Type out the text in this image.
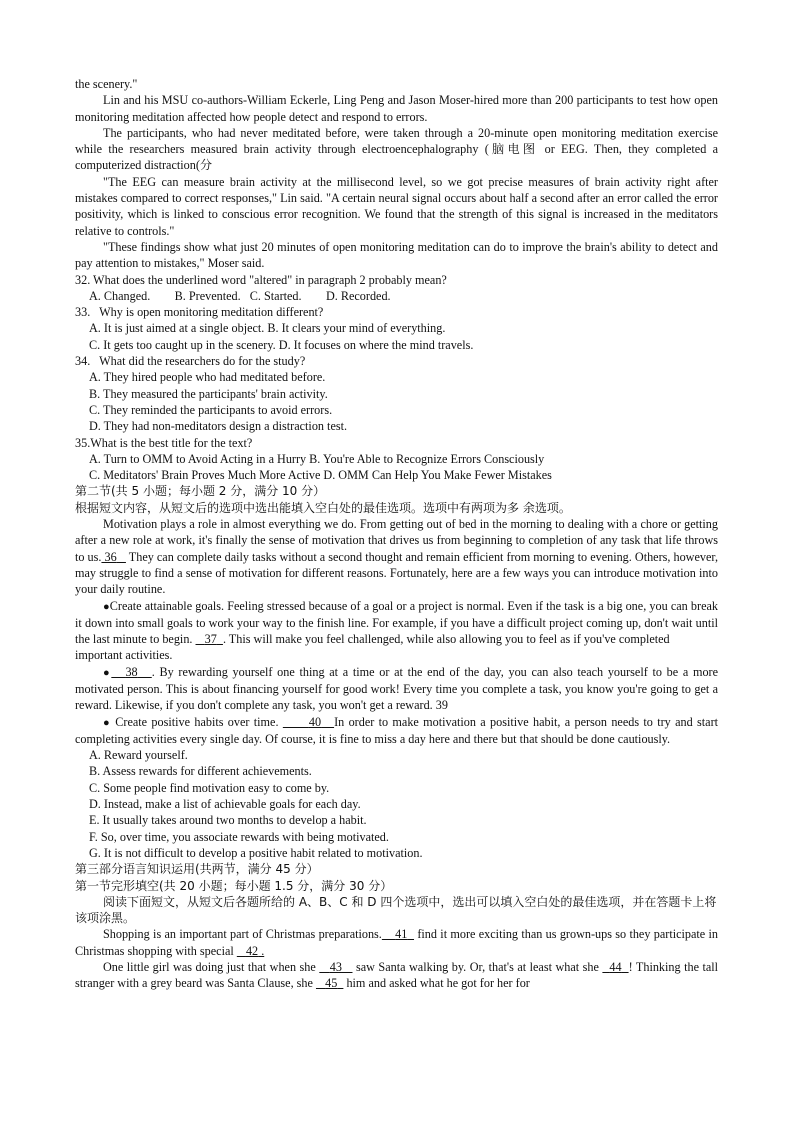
the scenery."

Lin and his MSU co-authors-William Eckerle, Ling Peng and Jason Moser-hired more than 200 participants to test how open monitoring meditation affected how people detect and respond to errors.

The participants, who had never meditated before, were taken through a 20-minute open monitoring meditation exercise while the researchers measured brain activity through electroencephalography (脑电图 or EEG. Then, they completed a computerized distraction(分

"The EEG can measure brain activity at the millisecond level, so we got precise measures of brain activity right after mistakes compared to correct responses," Lin said. "A certain neural signal occurs about half a second after an error called the error positivity, which is linked to conscious error recognition. We found that the strength of this signal is increased in the meditators relative to controls."

"These findings show what just 20 minutes of open monitoring meditation can do to improve the brain's ability to detect and pay attention to mistakes," Moser said.

32. What does the underlined word "altered" in paragraph 2 probably mean?

A. Changed.        B. Prevented.   C. Started.        D. Recorded.

33.   Why is open monitoring meditation different?

A. It is just aimed at a single object. B. It clears your mind of everything.

C. It gets too caught up in the scenery. D. It focuses on where the mind travels.

34.   What did the researchers do for the study?

A. They hired people who had meditated before.

B. They measured the participants' brain activity.

C. They reminded the participants to avoid errors.

D. They had non-meditators design a distraction test.

35.What is the best title for the text?

A. Turn to OMM to Avoid Acting in a Hurry B. You're Able to Recognize Errors Consciously

C. Meditators' Brain Proves Much More Active D. OMM Can Help You Make Fewer Mistakes

第二节(共 5 小题；每小题 2 分，满分 10 分）

根据短文内容，从短文后的选项中选出能填入空白处的最佳选项。选项中有两项为多 余选项。

Motivation plays a role in almost everything we do. From getting out of bed in the morning to dealing with a chore or getting after a new role at work, it's finally the sense of motivation that drives us from beginning to completion of any task that life throws to us. 36 They can complete daily tasks without a second thought and remain efficient from morning to evening. Others, however, may struggle to find a sense of motivation for different reasons. Fortunately, here are a few ways you can introduce motivation into your daily routine.

●Create attainable goals. Feeling stressed because of a goal or a project is normal. Even if the task is a big one, you can break it down into small goals to work your way to the finish line. For example, if you have a difficult project coming up, don't wait until the last minute to begin. 37 . This will make you feel challenged, while also allowing you to feel as if you've completed

important activities.

● 38 . By rewarding yourself one thing at a time or at the end of the day, you can also teach yourself to be a more motivated person. This is about financing yourself for good work! Every time you complete a task, you know you're going to get a reward. Likewise, if you don't complete any task, you won't get a reward. 39

● Create positive habits over time. 40 In order to make motivation a positive habit, a person needs to try and start completing activities every single day. Of course, it is fine to miss a day here and there but that should be done cautiously.

A. Reward yourself.

B. Assess rewards for different achievements.

C. Some people find motivation easy to come by.

D. Instead, make a list of achievable goals for each day.

E. It usually takes around two months to develop a habit.

F. So, over time, you associate rewards with being motivated.

G. It is not difficult to develop a positive habit related to motivation.

第三部分语言知识运用(共两节，满分 45 分）

第一节完形填空(共 20 小题；每小题 1.5 分，满分 30 分）

阅读下面短文，从短文后各题所给的 A、B、C 和 D 四个选项中，选出可以填入空白处的最佳选项，并在答题卡上将该项涂黑。

Shopping is an important part of Christmas preparations. 41 find it more exciting than us grown-ups so they participate in Christmas shopping with special 42 .

One little girl was doing just that when she 43 saw Santa walking by. Or, that's at least what she 44 ! Thinking the tall stranger with a grey beard was Santa Clause, she 45 him and asked what he got for her for
